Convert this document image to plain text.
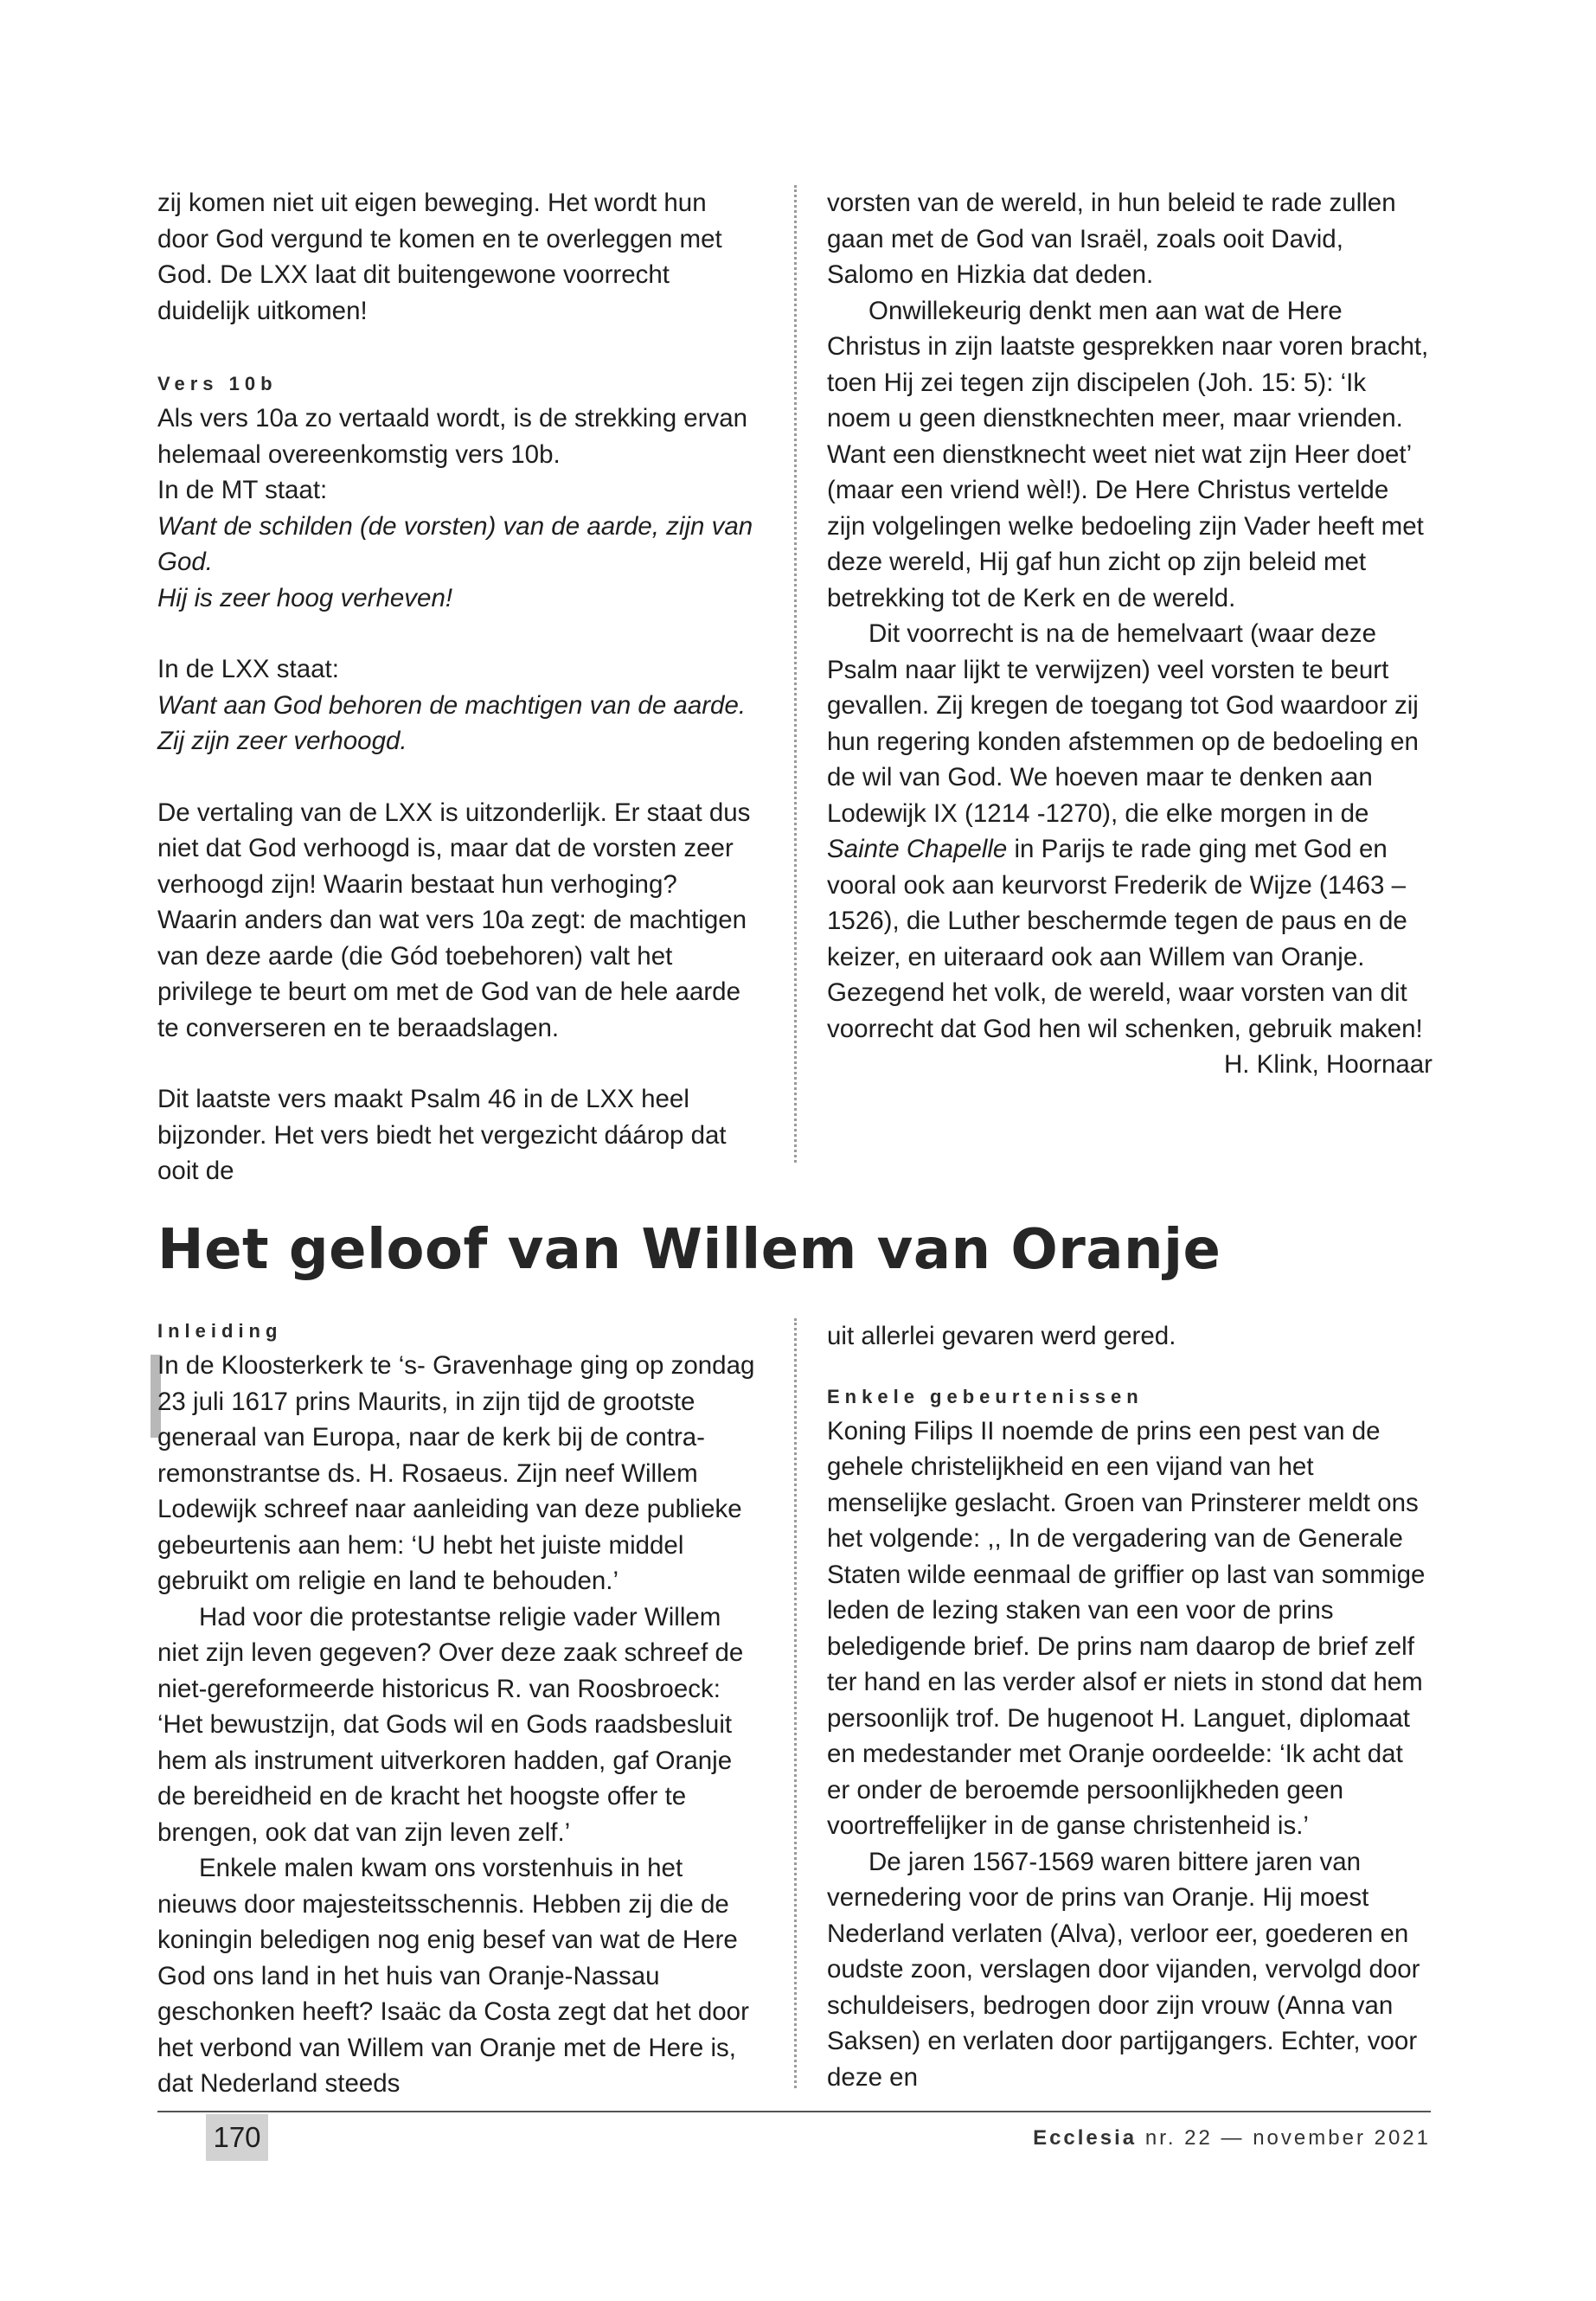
zij komen niet uit eigen beweging. Het wordt hun door God vergund te komen en te overleggen met God. De LXX laat dit buitengewone voorrecht duidelijk uitkomen!

Vers 10b

Als vers 10a zo vertaald wordt, is de strekking ervan helemaal overeenkomstig vers 10b.

In de MT staat:

Want de schilden (de vorsten) van de aarde, zijn van God.

Hij is zeer hoog verheven!

In de LXX staat:

Want aan God behoren de machtigen van de aarde.

Zij zijn zeer verhoogd.

De vertaling van de LXX is uitzonderlijk. Er staat dus niet dat God verhoogd is, maar dat de vorsten zeer verhoogd zijn! Waarin bestaat hun verhoging? Waarin anders dan wat vers 10a zegt: de machtigen van deze aarde (die Gód toebehoren) valt het privilege te beurt om met de God van de hele aarde te converseren en te beraadslagen.

Dit laatste vers maakt Psalm 46 in de LXX heel bijzonder. Het vers biedt het vergezicht dáárop dat ooit de

vorsten van de wereld, in hun beleid te rade zullen gaan met de God van Israël, zoals ooit David, Salomo en Hizkia dat deden.

Onwillekeurig denkt men aan wat de Here Christus in zijn laatste gesprekken naar voren bracht, toen Hij zei tegen zijn discipelen (Joh. 15: 5): ‘Ik noem u geen dienstknechten meer, maar vrienden. Want een dienstknecht weet niet wat zijn Heer doet’ (maar een vriend wèl!). De Here Christus vertelde zijn volgelingen welke bedoeling zijn Vader heeft met deze wereld, Hij gaf hun zicht op zijn beleid met betrekking tot de Kerk en de wereld.

Dit voorrecht is na de hemelvaart (waar deze Psalm naar lijkt te verwijzen) veel vorsten te beurt gevallen. Zij kregen de toegang tot God waardoor zij hun regering konden afstemmen op de bedoeling en de wil van God. We hoeven maar te denken aan Lodewijk IX (1214 -1270), die elke morgen in de Sainte Chapelle in Parijs te rade ging met God en vooral ook aan keurvorst Frederik de Wijze (1463 – 1526), die Luther beschermde tegen de paus en de keizer, en uiteraard ook aan Willem van Oranje. Gezegend het volk, de wereld, waar vorsten van dit voorrecht dat God hen wil schenken, gebruik maken!

H. Klink, Hoornaar

Het geloof van Willem van Oranje
Inleiding

In de Kloosterkerk te ‘s- Gravenhage ging op zondag 23 juli 1617 prins Maurits, in zijn tijd de grootste generaal van Europa, naar de kerk bij de contra-remonstrantse ds. H. Rosaeus. Zijn neef Willem Lodewijk schreef naar aanleiding van deze publieke gebeurtenis aan hem: ‘U hebt het juiste middel gebruikt om religie en land te behouden.’

Had voor die protestantse religie vader Willem niet zijn leven gegeven? Over deze zaak schreef de niet-gereformeerde historicus R. van Roosbroeck: ‘Het bewustzijn, dat Gods wil en Gods raadsbesluit hem als instrument uitverkoren hadden, gaf Oranje de bereidheid en de kracht het hoogste offer te brengen, ook dat van zijn leven zelf.’

Enkele malen kwam ons vorstenhuis in het nieuws door majesteitsschennis. Hebben zij die de koningin beledigen nog enig besef van wat de Here God ons land in het huis van Oranje-Nassau geschonken heeft? Isaäc da Costa zegt dat het door het verbond van Willem van Oranje met de Here is, dat Nederland steeds

uit allerlei gevaren werd gered.

Enkele gebeurtenissen

Koning Filips II noemde de prins een pest van de gehele christelijkheid en een vijand van het menselijke geslacht. Groen van Prinsterer meldt ons het volgende: ,, In de vergadering van de Generale Staten wilde eenmaal de griffier op last van sommige leden de lezing staken van een voor de prins beledigende brief. De prins nam daarop de brief zelf ter hand en las verder alsof er niets in stond dat hem persoonlijk trof. De hugenoot H. Languet, diplomaat en medestander met Oranje oordeelde: ‘Ik acht dat er onder de beroemde persoonlijkheden geen voortreffelijker in de ganse christenheid is.’

De jaren 1567-1569 waren bittere jaren van vernedering voor de prins van Oranje. Hij moest Nederland verlaten (Alva), verloor eer, goederen en oudste zoon, verslagen door vijanden, vervolgd door schuldeisers, bedrogen door zijn vrouw (Anna van Saksen) en verlaten door partijgangers. Echter, voor deze en

170	Ecclesia nr. 22 — november 2021
